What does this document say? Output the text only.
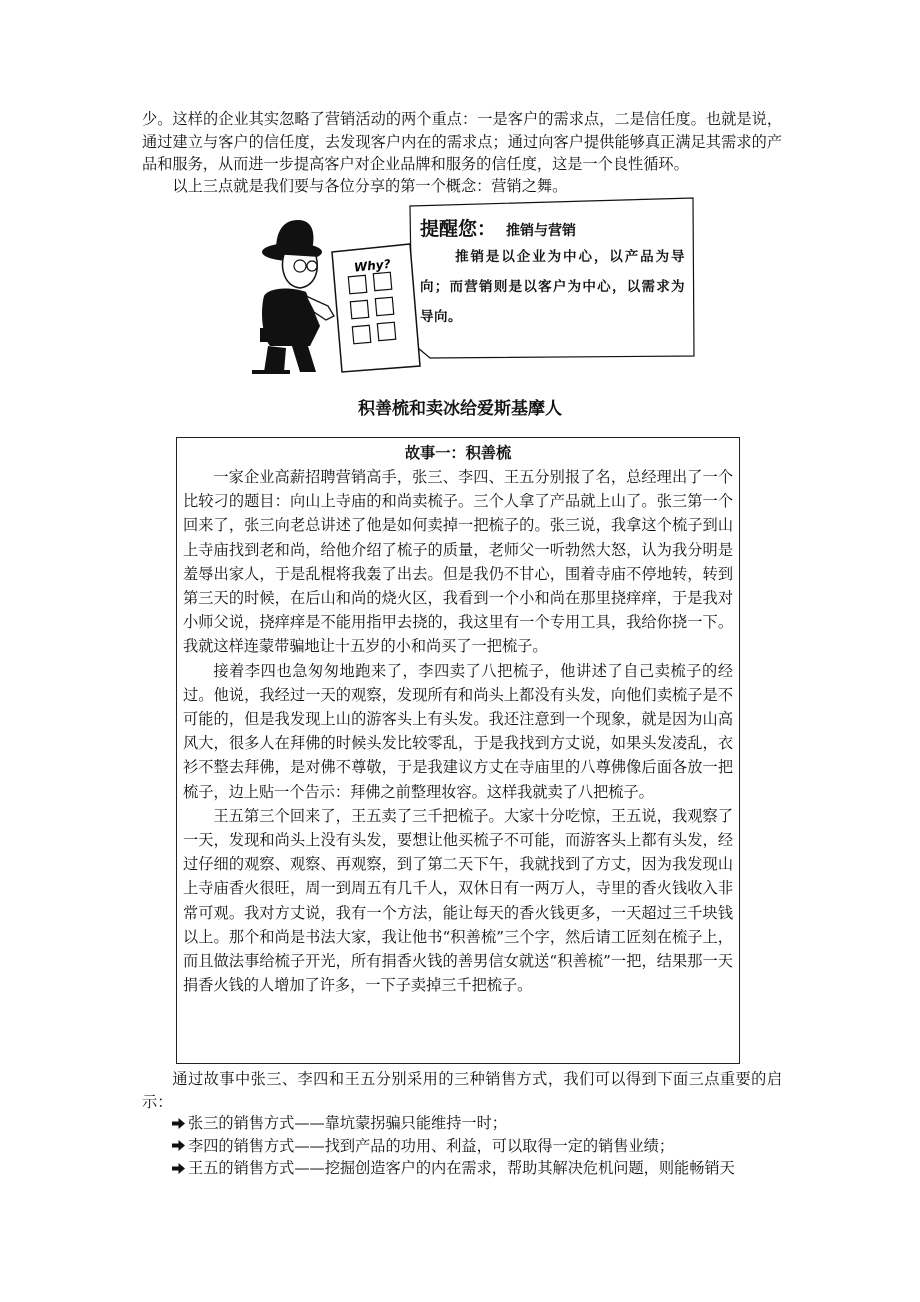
少。这样的企业其实忽略了营销活动的两个重点：一是客户的需求点，二是信任度。也就是说，通过建立与客户的信任度，去发现客户内在的需求点；通过向客户提供能够真正满足其需求的产品和服务，从而进一步提高客户对企业品牌和服务的信任度，这是一个良性循环。

以上三点就是我们要与各位分享的第一个概念：营销之舞。

Why?
提醒您： 推销与营销

推销是以企业为中心，以产品为导向；而营销则是以客户为中心，以需求为导向。

积善梳和卖冰给爱斯基摩人

故事一：积善梳

一家企业高薪招聘营销高手，张三、李四、王五分别报了名，总经理出了一个比较刁的题目：向山上寺庙的和尚卖梳子。三个人拿了产品就上山了。张三第一个回来了，张三向老总讲述了他是如何卖掉一把梳子的。张三说，我拿这个梳子到山上寺庙找到老和尚，给他介绍了梳子的质量，老师父一听勃然大怒，认为我分明是羞辱出家人，于是乱棍将我轰了出去。但是我仍不甘心，围着寺庙不停地转，转到第三天的时候，在后山和尚的烧火区，我看到一个小和尚在那里挠痒痒，于是我对小师父说，挠痒痒是不能用指甲去挠的，我这里有一个专用工具，我给你挠一下。我就这样连蒙带骗地让十五岁的小和尚买了一把梳子。

接着李四也急匆匆地跑来了，李四卖了八把梳子，他讲述了自己卖梳子的经过。他说，我经过一天的观察，发现所有和尚头上都没有头发，向他们卖梳子是不可能的，但是我发现上山的游客头上有头发。我还注意到一个现象，就是因为山高风大，很多人在拜佛的时候头发比较零乱，于是我找到方丈说，如果头发凌乱，衣衫不整去拜佛，是对佛不尊敬，于是我建议方丈在寺庙里的八尊佛像后面各放一把梳子，边上贴一个告示：拜佛之前整理妆容。这样我就卖了八把梳子。

王五第三个回来了，王五卖了三千把梳子。大家十分吃惊，王五说，我观察了一天，发现和尚头上没有头发，要想让他买梳子不可能，而游客头上都有头发，经过仔细的观察、观察、再观察，到了第二天下午，我就找到了方丈，因为我发现山上寺庙香火很旺，周一到周五有几千人，双休日有一两万人，寺里的香火钱收入非常可观。我对方丈说，我有一个方法，能让每天的香火钱更多，一天超过三千块钱以上。那个和尚是书法大家，我让他书“积善梳”三个字，然后请工匠刻在梳子上，而且做法事给梳子开光，所有捐香火钱的善男信女就送“积善梳”一把，结果那一天捐香火钱的人增加了许多，一下子卖掉三千把梳子。

通过故事中张三、李四和王五分别采用的三种销售方式，我们可以得到下面三点重要的启示：

张三的销售方式——靠坑蒙拐骗只能维持一时；
李四的销售方式——找到产品的功用、利益，可以取得一定的销售业绩；
王五的销售方式——挖掘创造客户的内在需求，帮助其解决危机问题，则能畅销天
